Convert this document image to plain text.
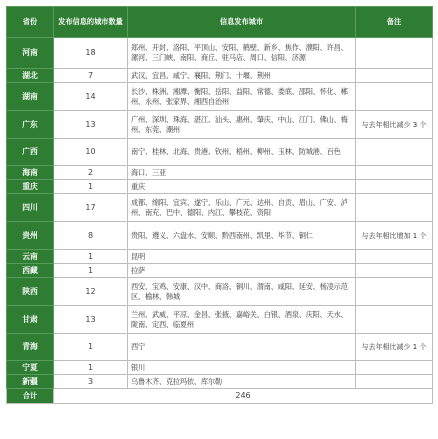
省份	发布信息的城市数量	信息发布城市	备注
河南	18	郑州、开封、洛阳、平顶山、安阳、鹤壁、新乡、焦作、濮阳、许昌、漯河、三门峡、南阳、商丘、驻马店、周口、信阳、济源	
湖北	7	武汉、宜昌、咸宁、襄阳、荆门、十堰、荆州	
湖南	14	长沙、株洲、湘潭、衡阳、岳阳、益阳、常德、娄底、邵阳、怀化、郴州、永州、张家界、湘西自治州	
广东	13	广州、深圳、珠海、湛江、汕头、惠州、肇庆、中山、江门、佛山、梅州、东莞、潮州	与去年相比减少 3 个
广西	10	南宁、桂林、北海、贵港、钦州、梧州、柳州、玉林、防城港、百色	
海南	2	海口、三亚	
重庆	1	重庆	
四川	17	成都、绵阳、宜宾、遂宁、乐山、广元、达州、自贡、眉山、广安、泸州、南充、巴中、德阳、内江、攀枝花、资阳	
贵州	8	贵阳、遵义、六盘水、安顺、黔西南州、凯里、毕节、铜仁	与去年相比增加 1 个
云南	1	昆明	
西藏	1	拉萨	
陕西	12	西安、宝鸡、安康、汉中、商洛、铜川、渭南、咸阳、延安、杨凌示范区、榆林、韩城	
甘肃	13	兰州、武威、平凉、金昌、张掖、嘉峪关、白银、酒泉、庆阳、天水、陇南、定西、临夏州	
青海	1	西宁	与去年相比减少 1 个
宁夏	1	银川	
新疆	3	乌鲁木齐、克拉玛依、库尔勒	
合计	246		
